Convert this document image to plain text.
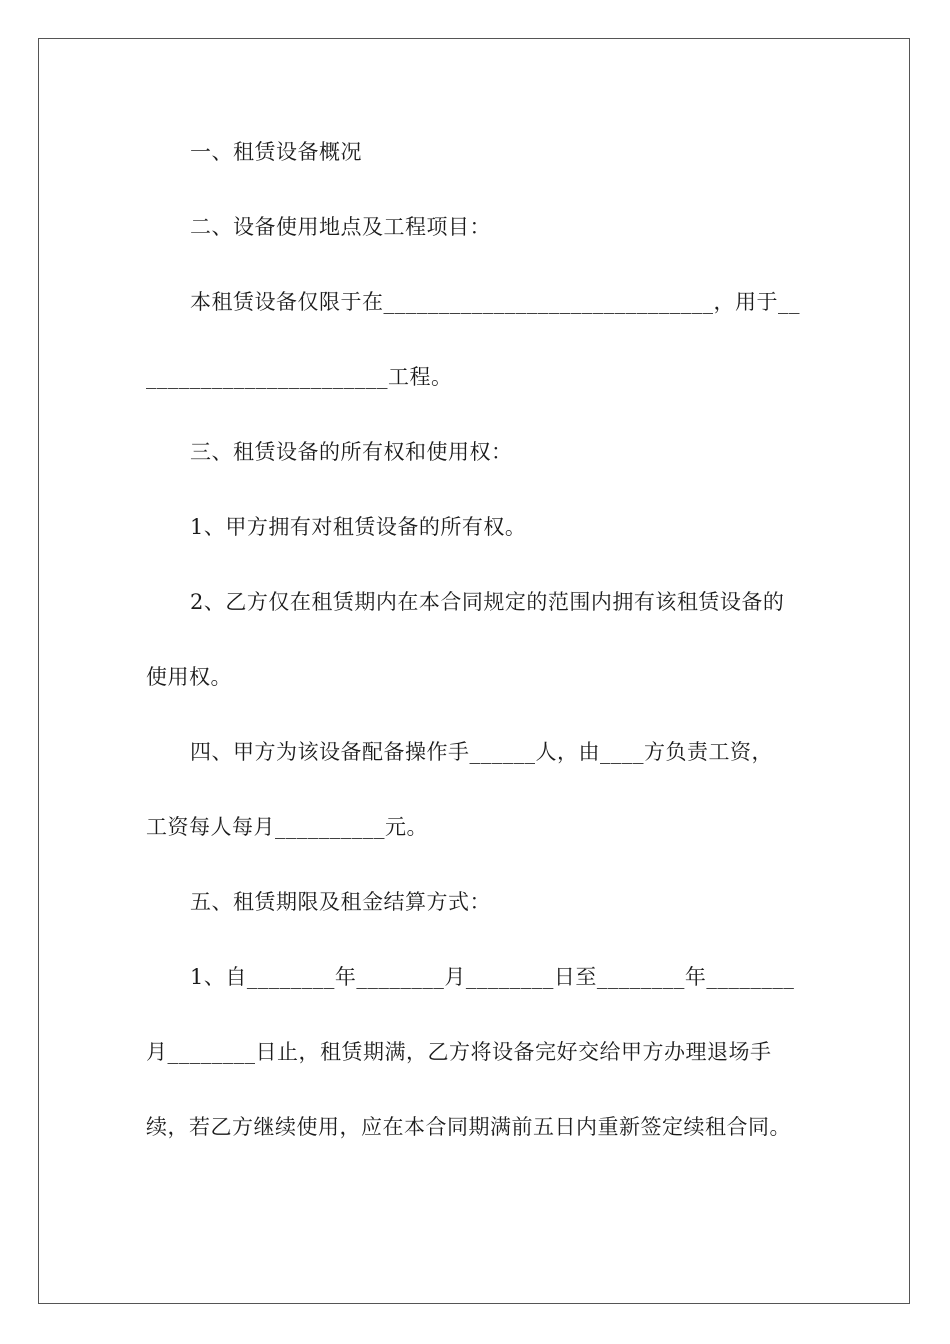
一、租赁设备概况
二、设备使用地点及工程项目：
本租赁设备仅限于在______________________________，用于__
______________________工程。
三、租赁设备的所有权和使用权：
1、甲方拥有对租赁设备的所有权。
2、乙方仅在租赁期内在本合同规定的范围内拥有该租赁设备的
使用权。
四、甲方为该设备配备操作手______人，由____方负责工资，
工资每人每月__________元。
五、租赁期限及租金结算方式：
1、自________年________月________日至________年________
月________日止，租赁期满，乙方将设备完好交给甲方办理退场手
续，若乙方继续使用，应在本合同期满前五日内重新签定续租合同。
